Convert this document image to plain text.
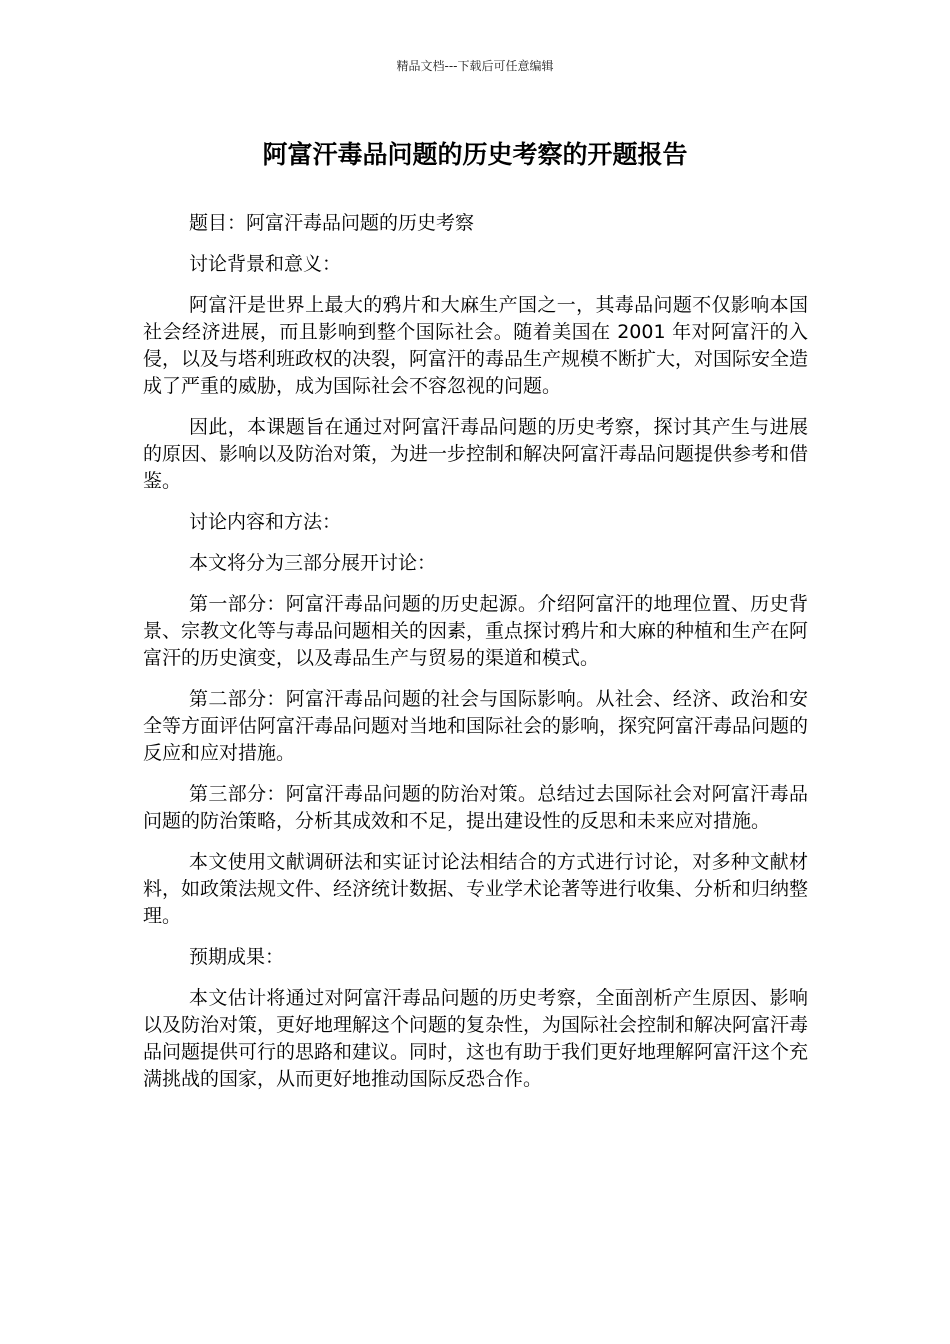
精品文档---下载后可任意编辑
阿富汗毒品问题的历史考察的开题报告

题目：阿富汗毒品问题的历史考察

讨论背景和意义：

阿富汗是世界上最大的鸦片和大麻生产国之一，其毒品问题不仅影响本国社会经济进展，而且影响到整个国际社会。随着美国在 2001 年对阿富汗的入侵，以及与塔利班政权的决裂，阿富汗的毒品生产规模不断扩大，对国际安全造成了严重的威胁，成为国际社会不容忽视的问题。

因此，本课题旨在通过对阿富汗毒品问题的历史考察，探讨其产生与进展的原因、影响以及防治对策，为进一步控制和解决阿富汗毒品问题提供参考和借鉴。

讨论内容和方法：

本文将分为三部分展开讨论：

第一部分：阿富汗毒品问题的历史起源。介绍阿富汗的地理位置、历史背景、宗教文化等与毒品问题相关的因素，重点探讨鸦片和大麻的种植和生产在阿富汗的历史演变，以及毒品生产与贸易的渠道和模式。

第二部分：阿富汗毒品问题的社会与国际影响。从社会、经济、政治和安全等方面评估阿富汗毒品问题对当地和国际社会的影响，探究阿富汗毒品问题的反应和应对措施。

第三部分：阿富汗毒品问题的防治对策。总结过去国际社会对阿富汗毒品问题的防治策略，分析其成效和不足，提出建设性的反思和未来应对措施。

本文使用文献调研法和实证讨论法相结合的方式进行讨论，对多种文献材料，如政策法规文件、经济统计数据、专业学术论著等进行收集、分析和归纳整理。

预期成果：

本文估计将通过对阿富汗毒品问题的历史考察，全面剖析产生原因、影响以及防治对策，更好地理解这个问题的复杂性，为国际社会控制和解决阿富汗毒品问题提供可行的思路和建议。同时，这也有助于我们更好地理解阿富汗这个充满挑战的国家，从而更好地推动国际反恐合作。
